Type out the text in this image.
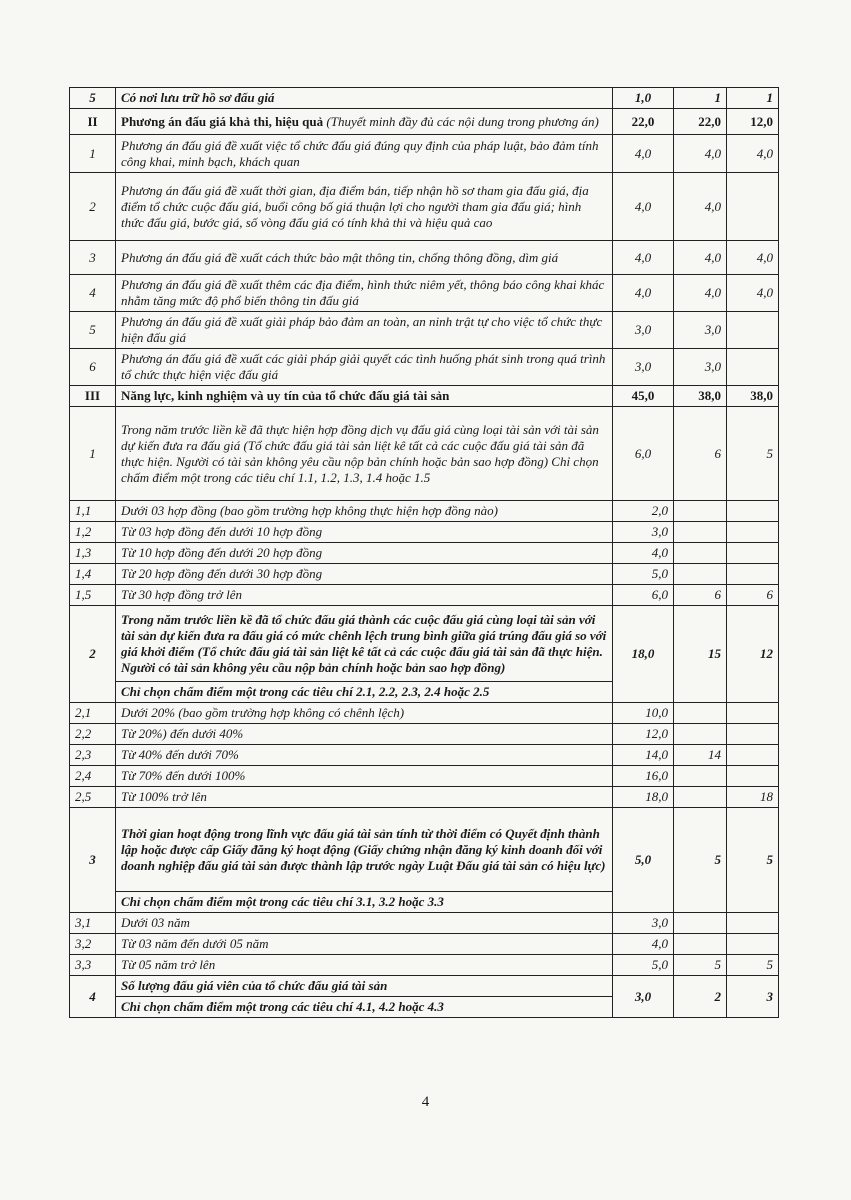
5	Có nơi lưu trữ hồ sơ đấu giá	1,0	1	1
II	Phương án đấu giá khả thi, hiệu quả (Thuyết minh đầy đủ các nội dung trong phương án)	22,0	22,0	12,0
1	Phương án đấu giá đề xuất việc tổ chức đấu giá đúng quy định của pháp luật, bảo đảm tính công khai, minh bạch, khách quan	4,0	4,0	4,0
2	Phương án đấu giá đề xuất thời gian, địa điểm bán, tiếp nhận hồ sơ tham gia đấu giá, địa điểm tổ chức cuộc đấu giá, buổi công bố giá thuận lợi cho người tham gia đấu giá; hình thức đấu giá, bước giá, số vòng đấu giá có tính khả thi và hiệu quả cao	4,0	4,0	
3	Phương án đấu giá đề xuất cách thức bảo mật thông tin, chống thông đồng, dìm giá	4,0	4,0	4,0
4	Phương án đấu giá đề xuất thêm các địa điểm, hình thức niêm yết, thông báo công khai khác nhằm tăng mức độ phổ biến thông tin đấu giá	4,0	4,0	4,0
5	Phương án đấu giá đề xuất giải pháp bảo đảm an toàn, an ninh trật tự cho việc tổ chức thực hiện đấu giá	3,0	3,0	
6	Phương án đấu giá đề xuất các giải pháp giải quyết các tình huống phát sinh trong quá trình tổ chức thực hiện việc đấu giá	3,0	3,0	
III	Năng lực, kinh nghiệm và uy tín của tổ chức đấu giá tài sản	45,0	38,0	38,0
1	Trong năm trước liền kề đã thực hiện hợp đồng dịch vụ đấu giá cùng loại tài sản với tài sản dự kiến đưa ra đấu giá (Tổ chức đấu giá tài sản liệt kê tất cả các cuộc đấu giá tài sản đã thực hiện. Người có tài sản không yêu cầu nộp bản chính hoặc bản sao hợp đồng) Chỉ chọn chấm điểm một trong các tiêu chí 1.1, 1.2, 1.3, 1.4 hoặc 1.5	6,0	6	5
1,1	Dưới 03 hợp đồng (bao gồm trường hợp không thực hiện hợp đồng nào)	2,0		
1,2	Từ 03 hợp đồng đến dưới 10 hợp đồng	3,0		
1,3	Từ 10 hợp đồng đến dưới 20 hợp đồng	4,0		
1,4	Từ 20 hợp đồng đến dưới 30 hợp đồng	5,0		
1,5	Từ 30 hợp đồng trở lên	6,0	6	6
2	Trong năm trước liền kề đã tổ chức đấu giá thành các cuộc đấu giá cùng loại tài sản với tài sản dự kiến đưa ra đấu giá có mức chênh lệch trung bình giữa giá trúng đấu giá so với giá khởi điểm (Tổ chức đấu giá tài sản liệt kê tất cả các cuộc đấu giá tài sản đã thực hiện. Người có tài sản không yêu cầu nộp bản chính hoặc bản sao hợp đồng)	18,0	15	12
	Chỉ chọn chấm điểm một trong các tiêu chí 2.1, 2.2, 2.3, 2.4 hoặc 2.5			
2,1	Dưới 20% (bao gồm trường hợp không có chênh lệch)	10,0		
2,2	Từ 20%) đến dưới 40%	12,0		
2,3	Từ 40% đến dưới 70%	14,0	14	
2,4	Từ 70% đến dưới 100%	16,0		
2,5	Từ 100% trở lên	18,0		18
3	Thời gian hoạt động trong lĩnh vực đấu giá tài sản tính từ thời điểm có Quyết định thành lập hoặc được cấp Giấy đăng ký hoạt động (Giấy chứng nhận đăng ký kinh doanh đối với doanh nghiệp đấu giá tài sản được thành lập trước ngày Luật Đấu giá tài sản có hiệu lực)	5,0	5	5
	Chỉ chọn chấm điểm một trong các tiêu chí 3.1, 3.2 hoặc 3.3			
3,1	Dưới 03 năm	3,0		
3,2	Từ 03 năm đến dưới 05 năm	4,0		
3,3	Từ 05 năm trở lên	5,0	5	5
4	Số lượng đấu giá viên của tổ chức đấu giá tài sản	3,0	2	3
	Chỉ chọn chấm điểm một trong các tiêu chí 4.1, 4.2 hoặc 4.3			
4
